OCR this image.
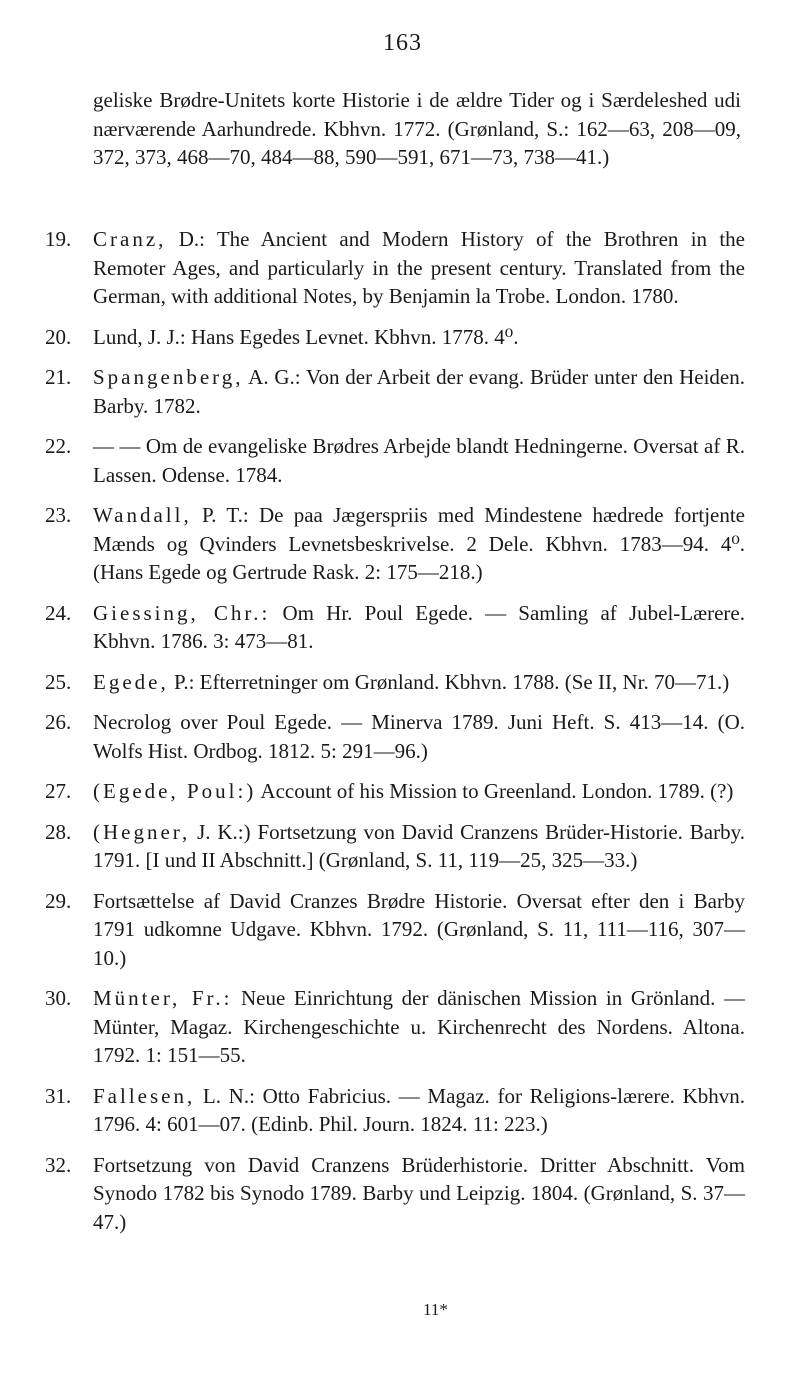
163

geliske Brødre-Unitets korte Historie i de ældre Tider og i Særdeleshed udi nærværende Aarhundrede. Kbhvn. 1772. (Grønland, S.: 162—63, 208—09, 372, 373, 468—70, 484—88, 590—591, 671—73, 738—41.)

19.	Cranz, D.: The Ancient and Modern History of the Brothren in the Remoter Ages, and particularly in the present century. Translated from the German, with additional Notes, by Benjamin la Trobe. London. 1780.
20.	Lund, J. J.: Hans Egedes Levnet. Kbhvn. 1778. 4⁰.
21.	Spangenberg, A. G.: Von der Arbeit der evang. Brüder unter den Heiden. Barby. 1782.
22.	— — Om de evangeliske Brødres Arbejde blandt Hedningerne. Oversat af R. Lassen. Odense. 1784.
23.	Wandall, P. T.: De paa Jægerspriis med Mindestene hædrede fortjente Mænds og Qvinders Levnetsbeskrivelse. 2 Dele. Kbhvn. 1783—94. 4⁰. (Hans Egede og Gertrude Rask. 2: 175—218.)
24.	Giessing, Chr.: Om Hr. Poul Egede. — Samling af Jubel-Lærere. Kbhvn. 1786. 3: 473—81.
25.	Egede, P.: Efterretninger om Grønland. Kbhvn. 1788. (Se II, Nr. 70—71.)
26.	Necrolog over Poul Egede. — Minerva 1789. Juni Heft. S. 413—14. (O. Wolfs Hist. Ordbog. 1812. 5: 291—96.)
27.	(Egede, Poul:) Account of his Mission to Greenland. London. 1789. (?)
28.	(Hegner, J. K.:) Fortsetzung von David Cranzens Brüder-Historie. Barby. 1791. [I und II Abschnitt.] (Grønland, S. 11, 119—25, 325—33.)
29.	Fortsættelse af David Cranzes Brødre Historie. Oversat efter den i Barby 1791 udkomne Udgave. Kbhvn. 1792. (Grønland, S. 11, 111—116, 307—10.)
30.	Münter, Fr.: Neue Einrichtung der dänischen Mission in Grönland. — Münter, Magaz. Kirchengeschichte u. Kirchenrecht des Nordens. Altona. 1792. 1: 151—55.
31.	Fallesen, L. N.: Otto Fabricius. — Magaz. for Religions-lærere. Kbhvn. 1796. 4: 601—07. (Edinb. Phil. Journ. 1824. 11: 223.)
32.	Fortsetzung von David Cranzens Brüderhistorie. Dritter Abschnitt. Vom Synodo 1782 bis Synodo 1789. Barby und Leipzig. 1804. (Grønland, S. 37—47.)
11*
